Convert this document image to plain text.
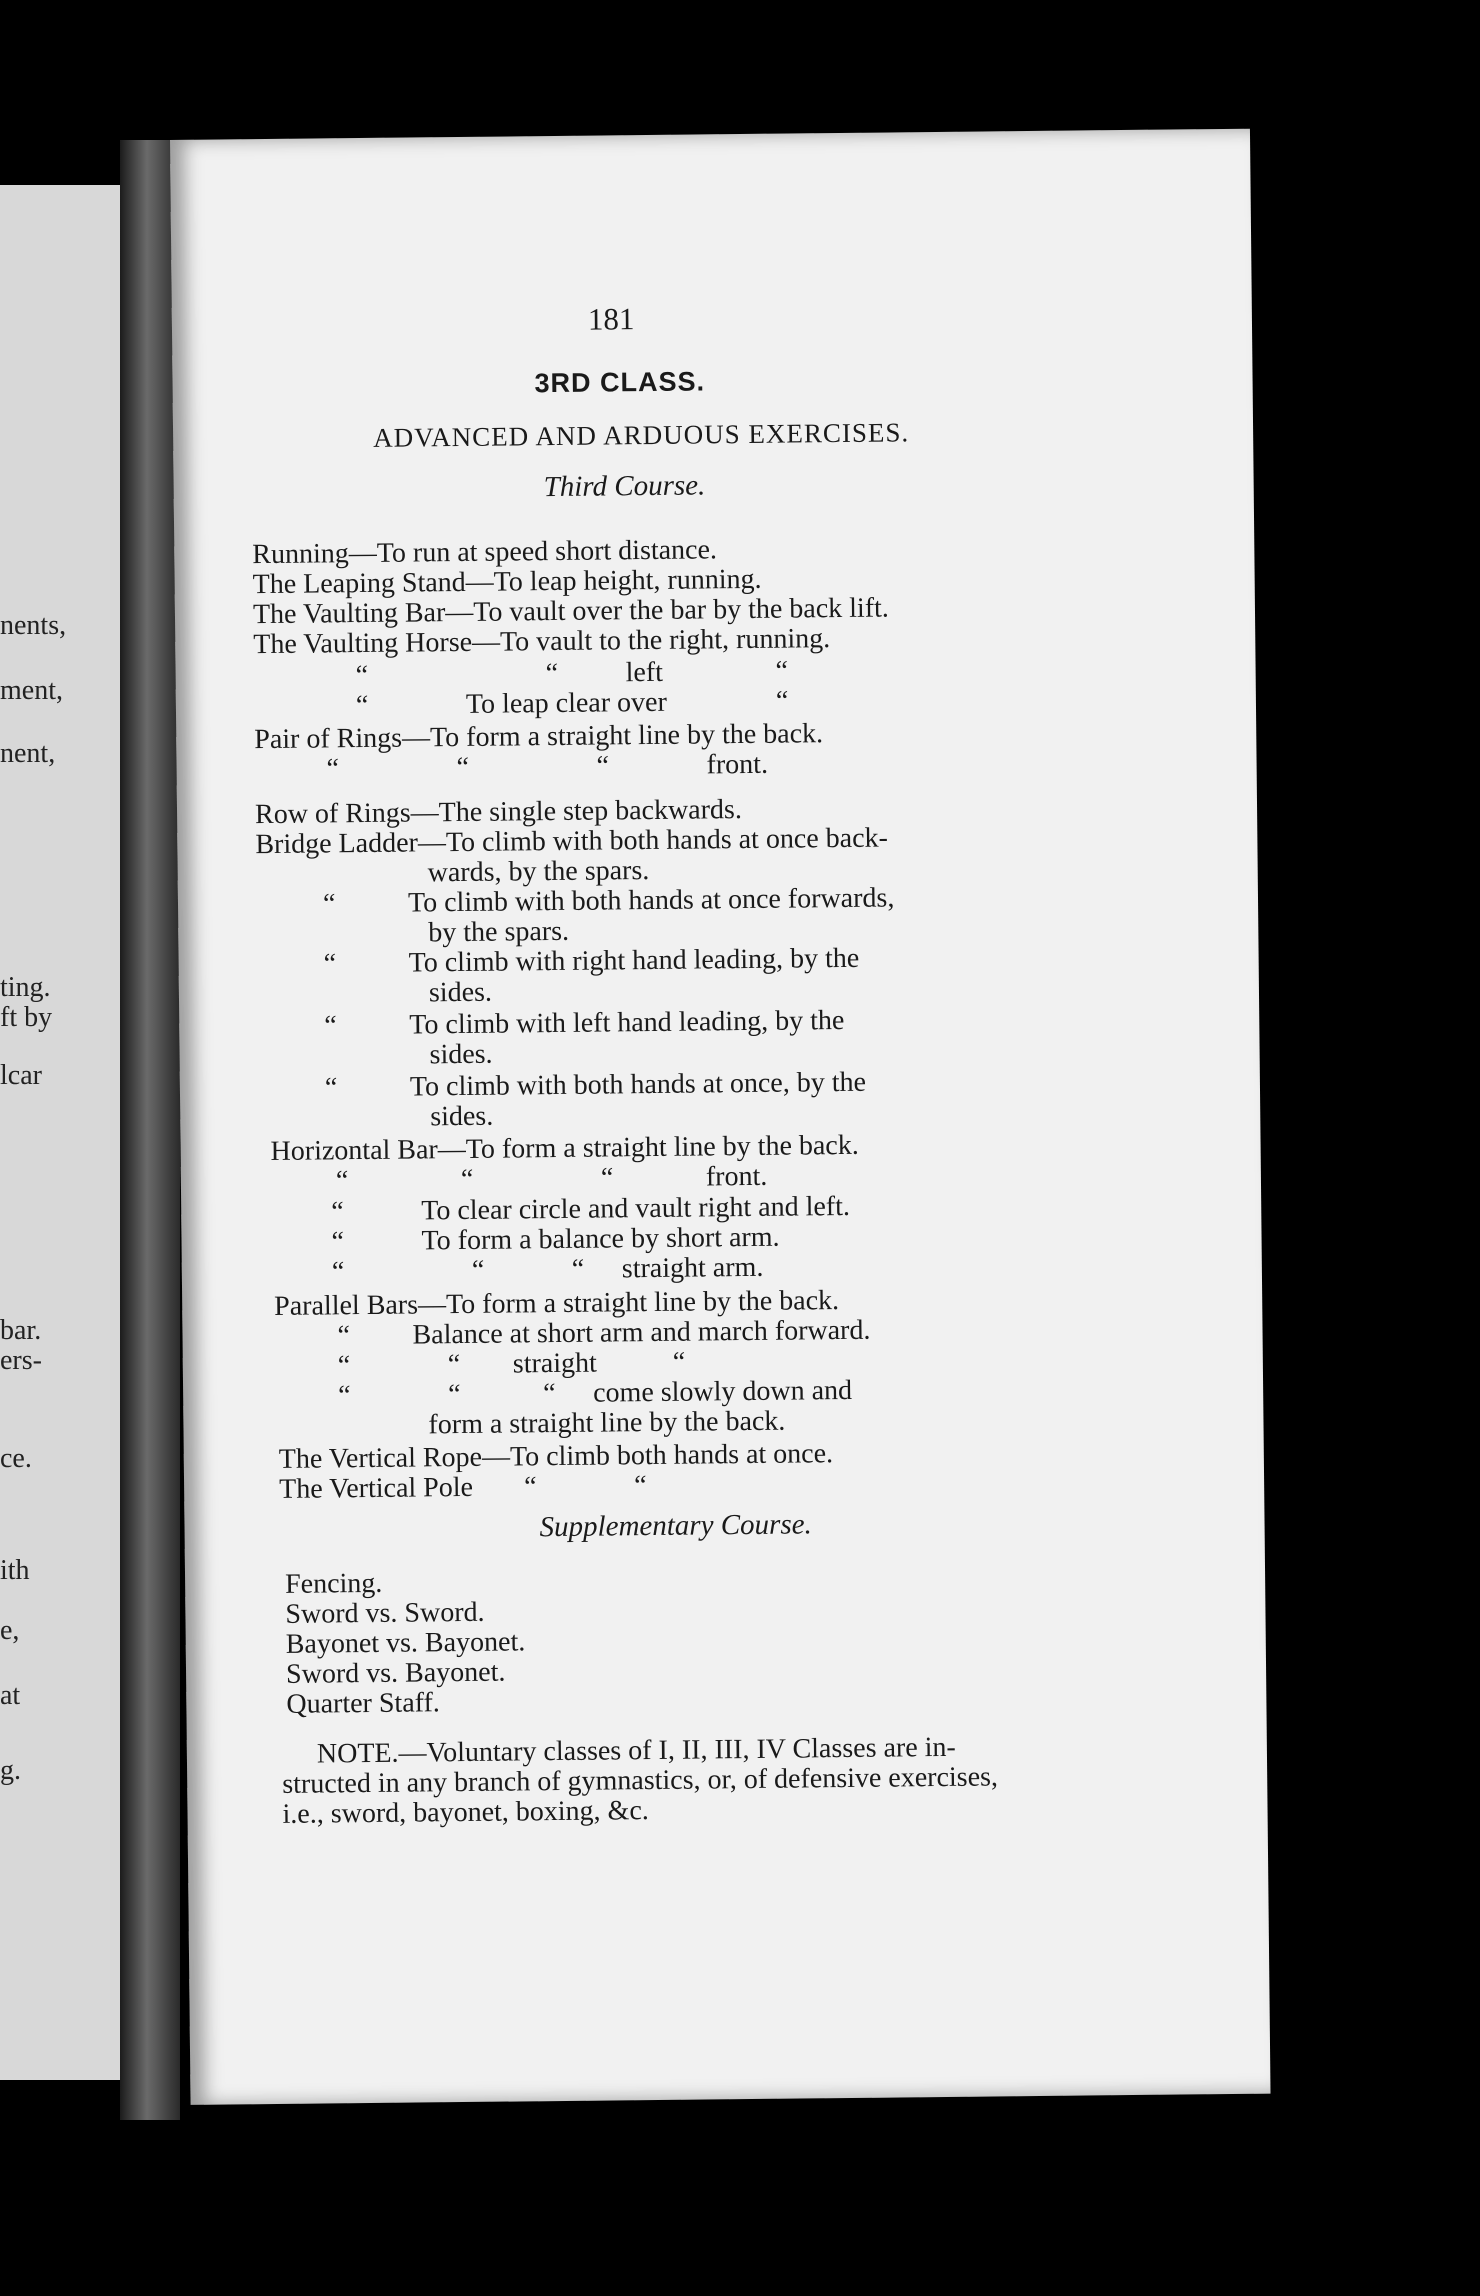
nents,
ment,
nent,
ting.
ft by
lcar
bar.
ers-
ce.
ith
e,
at
g.
181
3RD CLASS.
ADVANCED AND ARDUOUS EXERCISES.
Third Course.
Running—To run at speed short distance.
The Leaping Stand—To leap height, running.
The Vaulting Bar—To vault over the bar by the back lift.
The Vaulting Horse—To vault to the right, running.
“	“ left	“
“	To leap clear over	“
Pair of Rings—To form a straight line by the back.
“	“	“	front.
Row of Rings—The single step backwards.
Bridge Ladder—To climb with both hands at once back-
wards, by the spars.
“	To climb with both hands at once forwards,
by the spars.
“	To climb with right hand leading, by the
sides.
“	To climb with left hand leading, by the
sides.
“	To climb with both hands at once, by the
sides.
Horizontal Bar—To form a straight line by the back.
“	“	“	front.
“	To clear circle and vault right and left.
“	To form a balance by short arm.
“	“	“ straight arm.
Parallel Bars—To form a straight line by the back.
“ Balance at short arm and march forward.
“	“ straight	“
“	“	“ come slowly down and
form a straight line by the back.
The Vertical Rope—To climb both hands at once.
The Vertical Pole “	“
Supplementary Course.
Fencing.
Sword vs. Sword.
Bayonet vs. Bayonet.
Sword vs. Bayonet.
Quarter Staff.
NOTE.—Voluntary classes of I, II, III, IV Classes are in-
structed in any branch of gymnastics, or, of defensive exercises,
i.e., sword, bayonet, boxing, &c.
